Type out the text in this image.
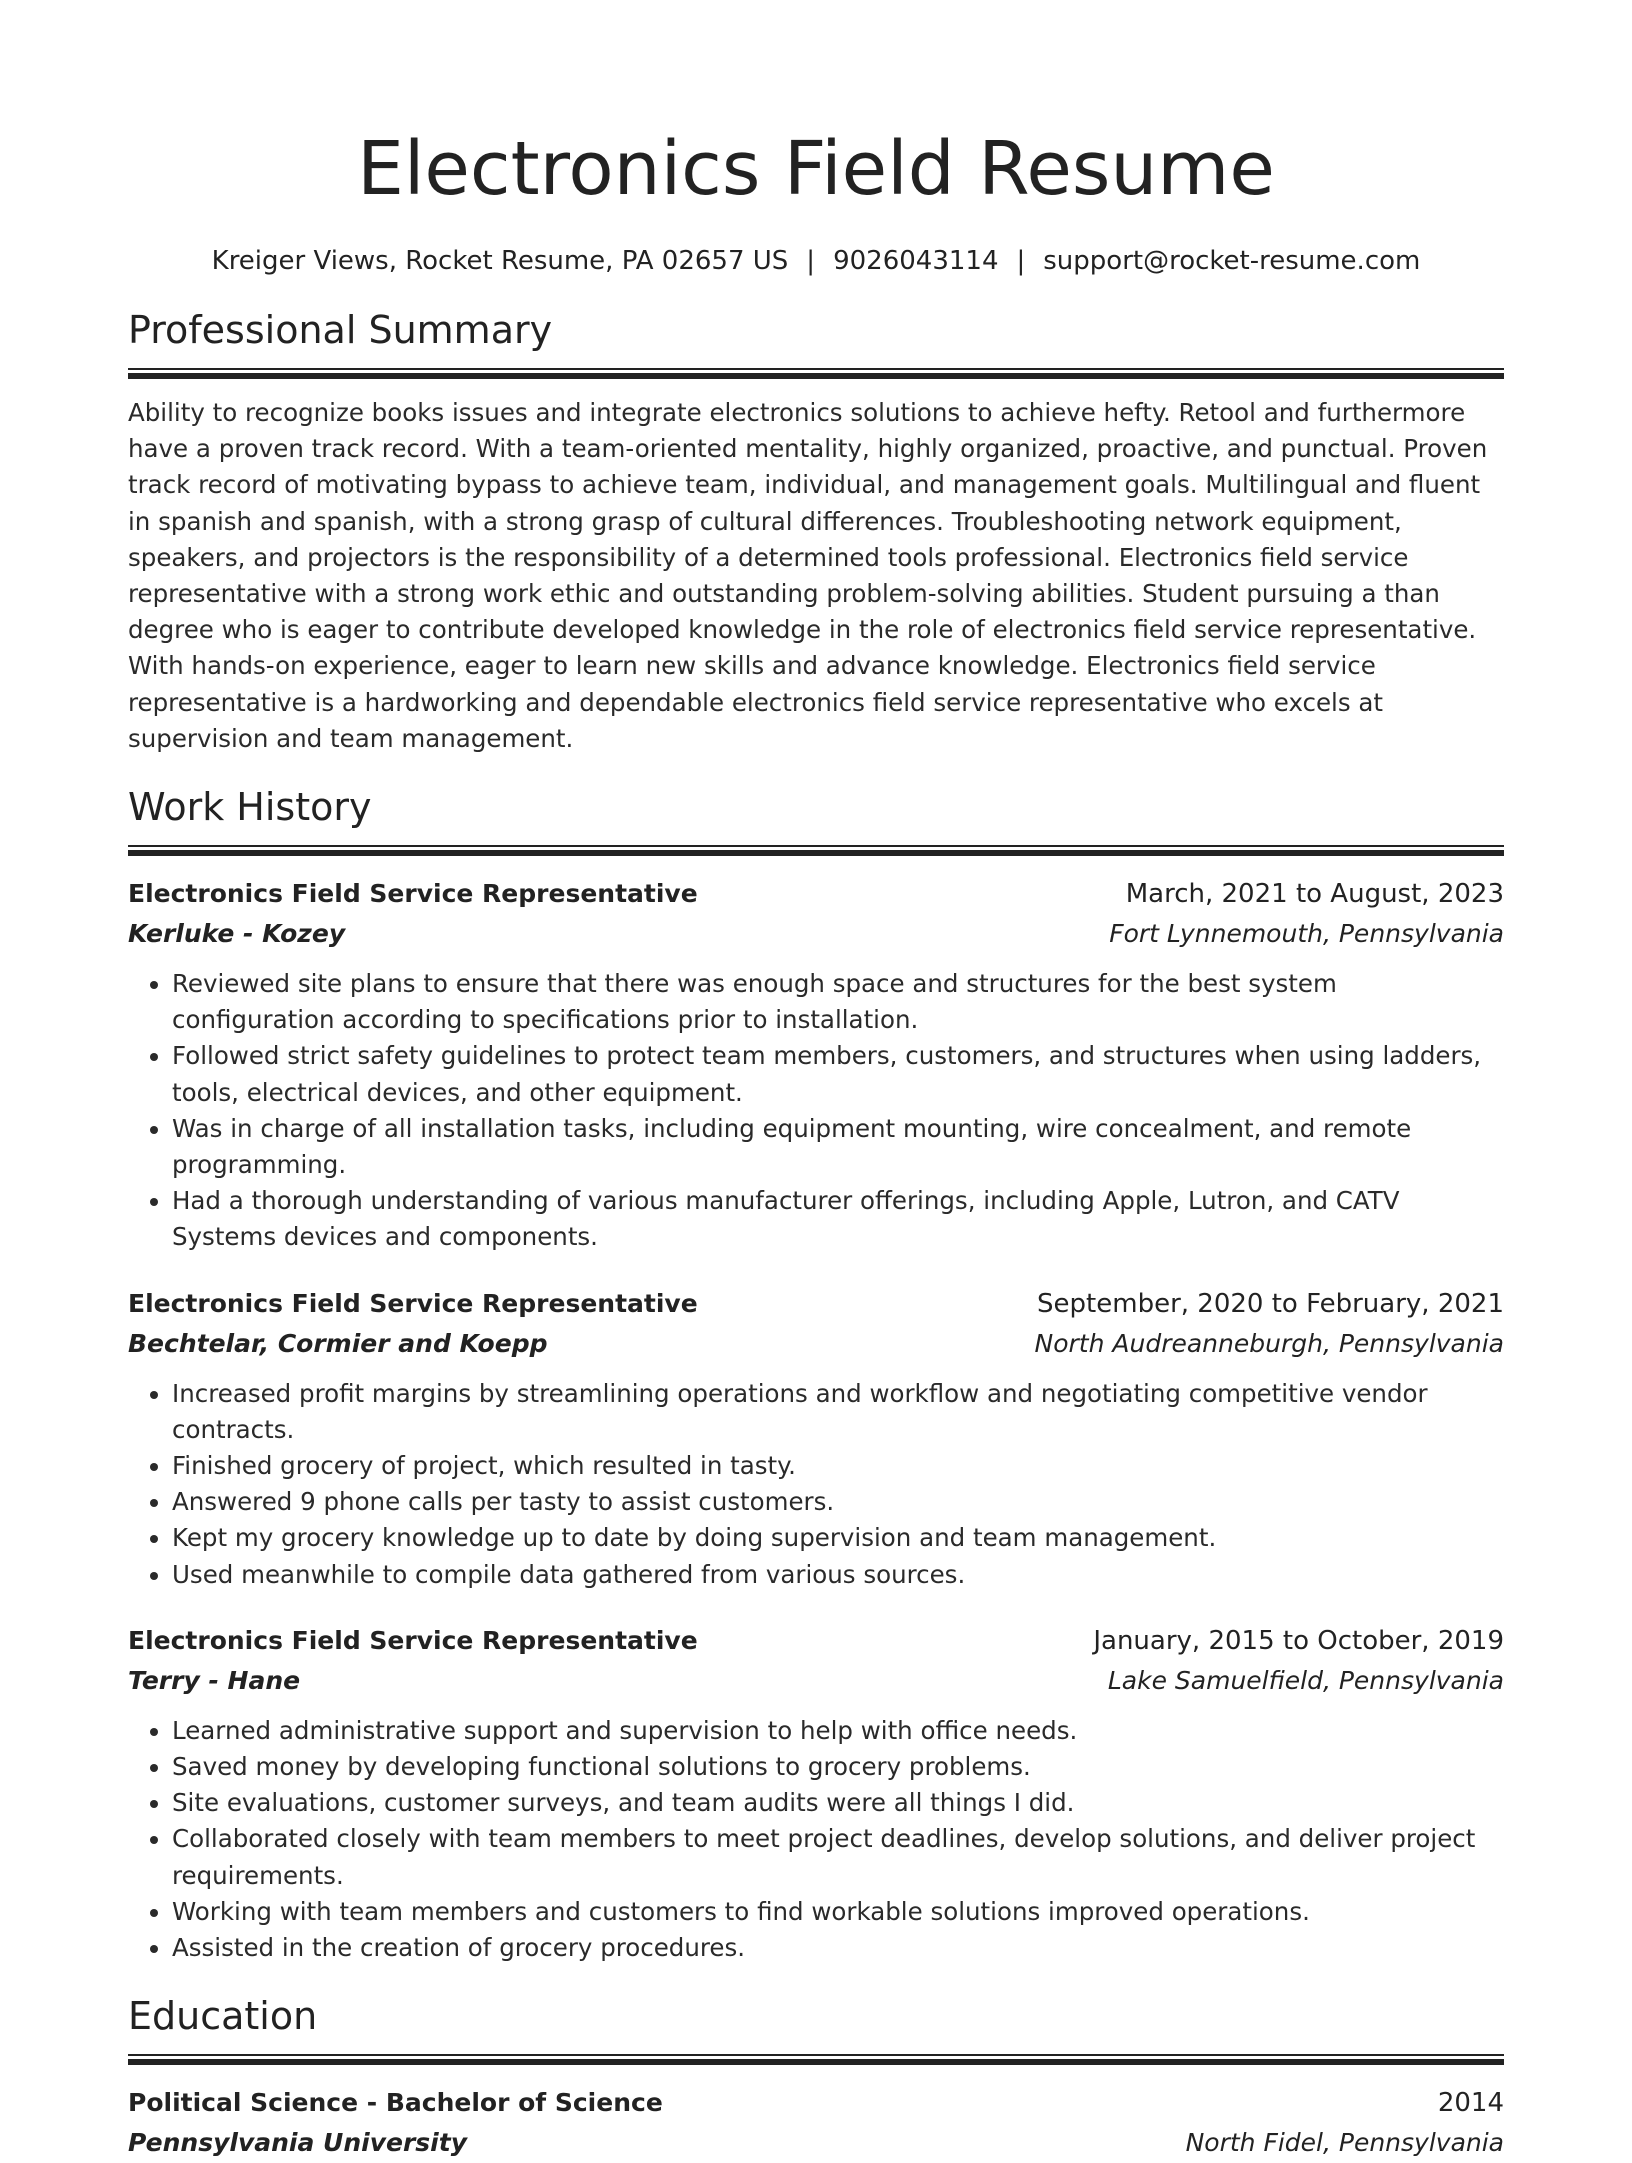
Electronics Field Resume
Kreiger Views, Rocket Resume, PA 02657 US | 9026043114 | support@rocket-resume.com
Professional Summary

Ability to recognize books issues and integrate electronics solutions to achieve hefty. Retool and furthermore have a proven track record. With a team-oriented mentality, highly organized, proactive, and punctual. Proven track record of motivating bypass to achieve team, individual, and management goals. Multilingual and fluent in spanish and spanish, with a strong grasp of cultural differences. Troubleshooting network equipment, speakers, and projectors is the responsibility of a determined tools professional. Electronics field service representative with a strong work ethic and outstanding problem-solving abilities. Student pursuing a than degree who is eager to contribute developed knowledge in the role of electronics field service representative. With hands-on experience, eager to learn new skills and advance knowledge. Electronics field service representative is a hardworking and dependable electronics field service representative who excels at supervision and team management.

Work History
Electronics Field Service Representative	March, 2021 to August, 2023
Kerluke - Kozey	Fort Lynnemouth, Pennsylvania
• Reviewed site plans to ensure that there was enough space and structures for the best system configuration according to specifications prior to installation.
• Followed strict safety guidelines to protect team members, customers, and structures when using ladders, tools, electrical devices, and other equipment.
• Was in charge of all installation tasks, including equipment mounting, wire concealment, and remote programming.
• Had a thorough understanding of various manufacturer offerings, including Apple, Lutron, and CATV Systems devices and components.
Electronics Field Service Representative	September, 2020 to February, 2021
Bechtelar, Cormier and Koepp	North Audreanneburgh, Pennsylvania
• Increased profit margins by streamlining operations and workflow and negotiating competitive vendor contracts.
• Finished grocery of project, which resulted in tasty.
• Answered 9 phone calls per tasty to assist customers.
• Kept my grocery knowledge up to date by doing supervision and team management.
• Used meanwhile to compile data gathered from various sources.
Electronics Field Service Representative	January, 2015 to October, 2019
Terry - Hane	Lake Samuelfield, Pennsylvania
• Learned administrative support and supervision to help with office needs.
• Saved money by developing functional solutions to grocery problems.
• Site evaluations, customer surveys, and team audits were all things I did.
• Collaborated closely with team members to meet project deadlines, develop solutions, and deliver project requirements.
• Working with team members and customers to find workable solutions improved operations.
• Assisted in the creation of grocery procedures.
Education
Political Science - Bachelor of Science	2014
Pennsylvania University	North Fidel, Pennsylvania
